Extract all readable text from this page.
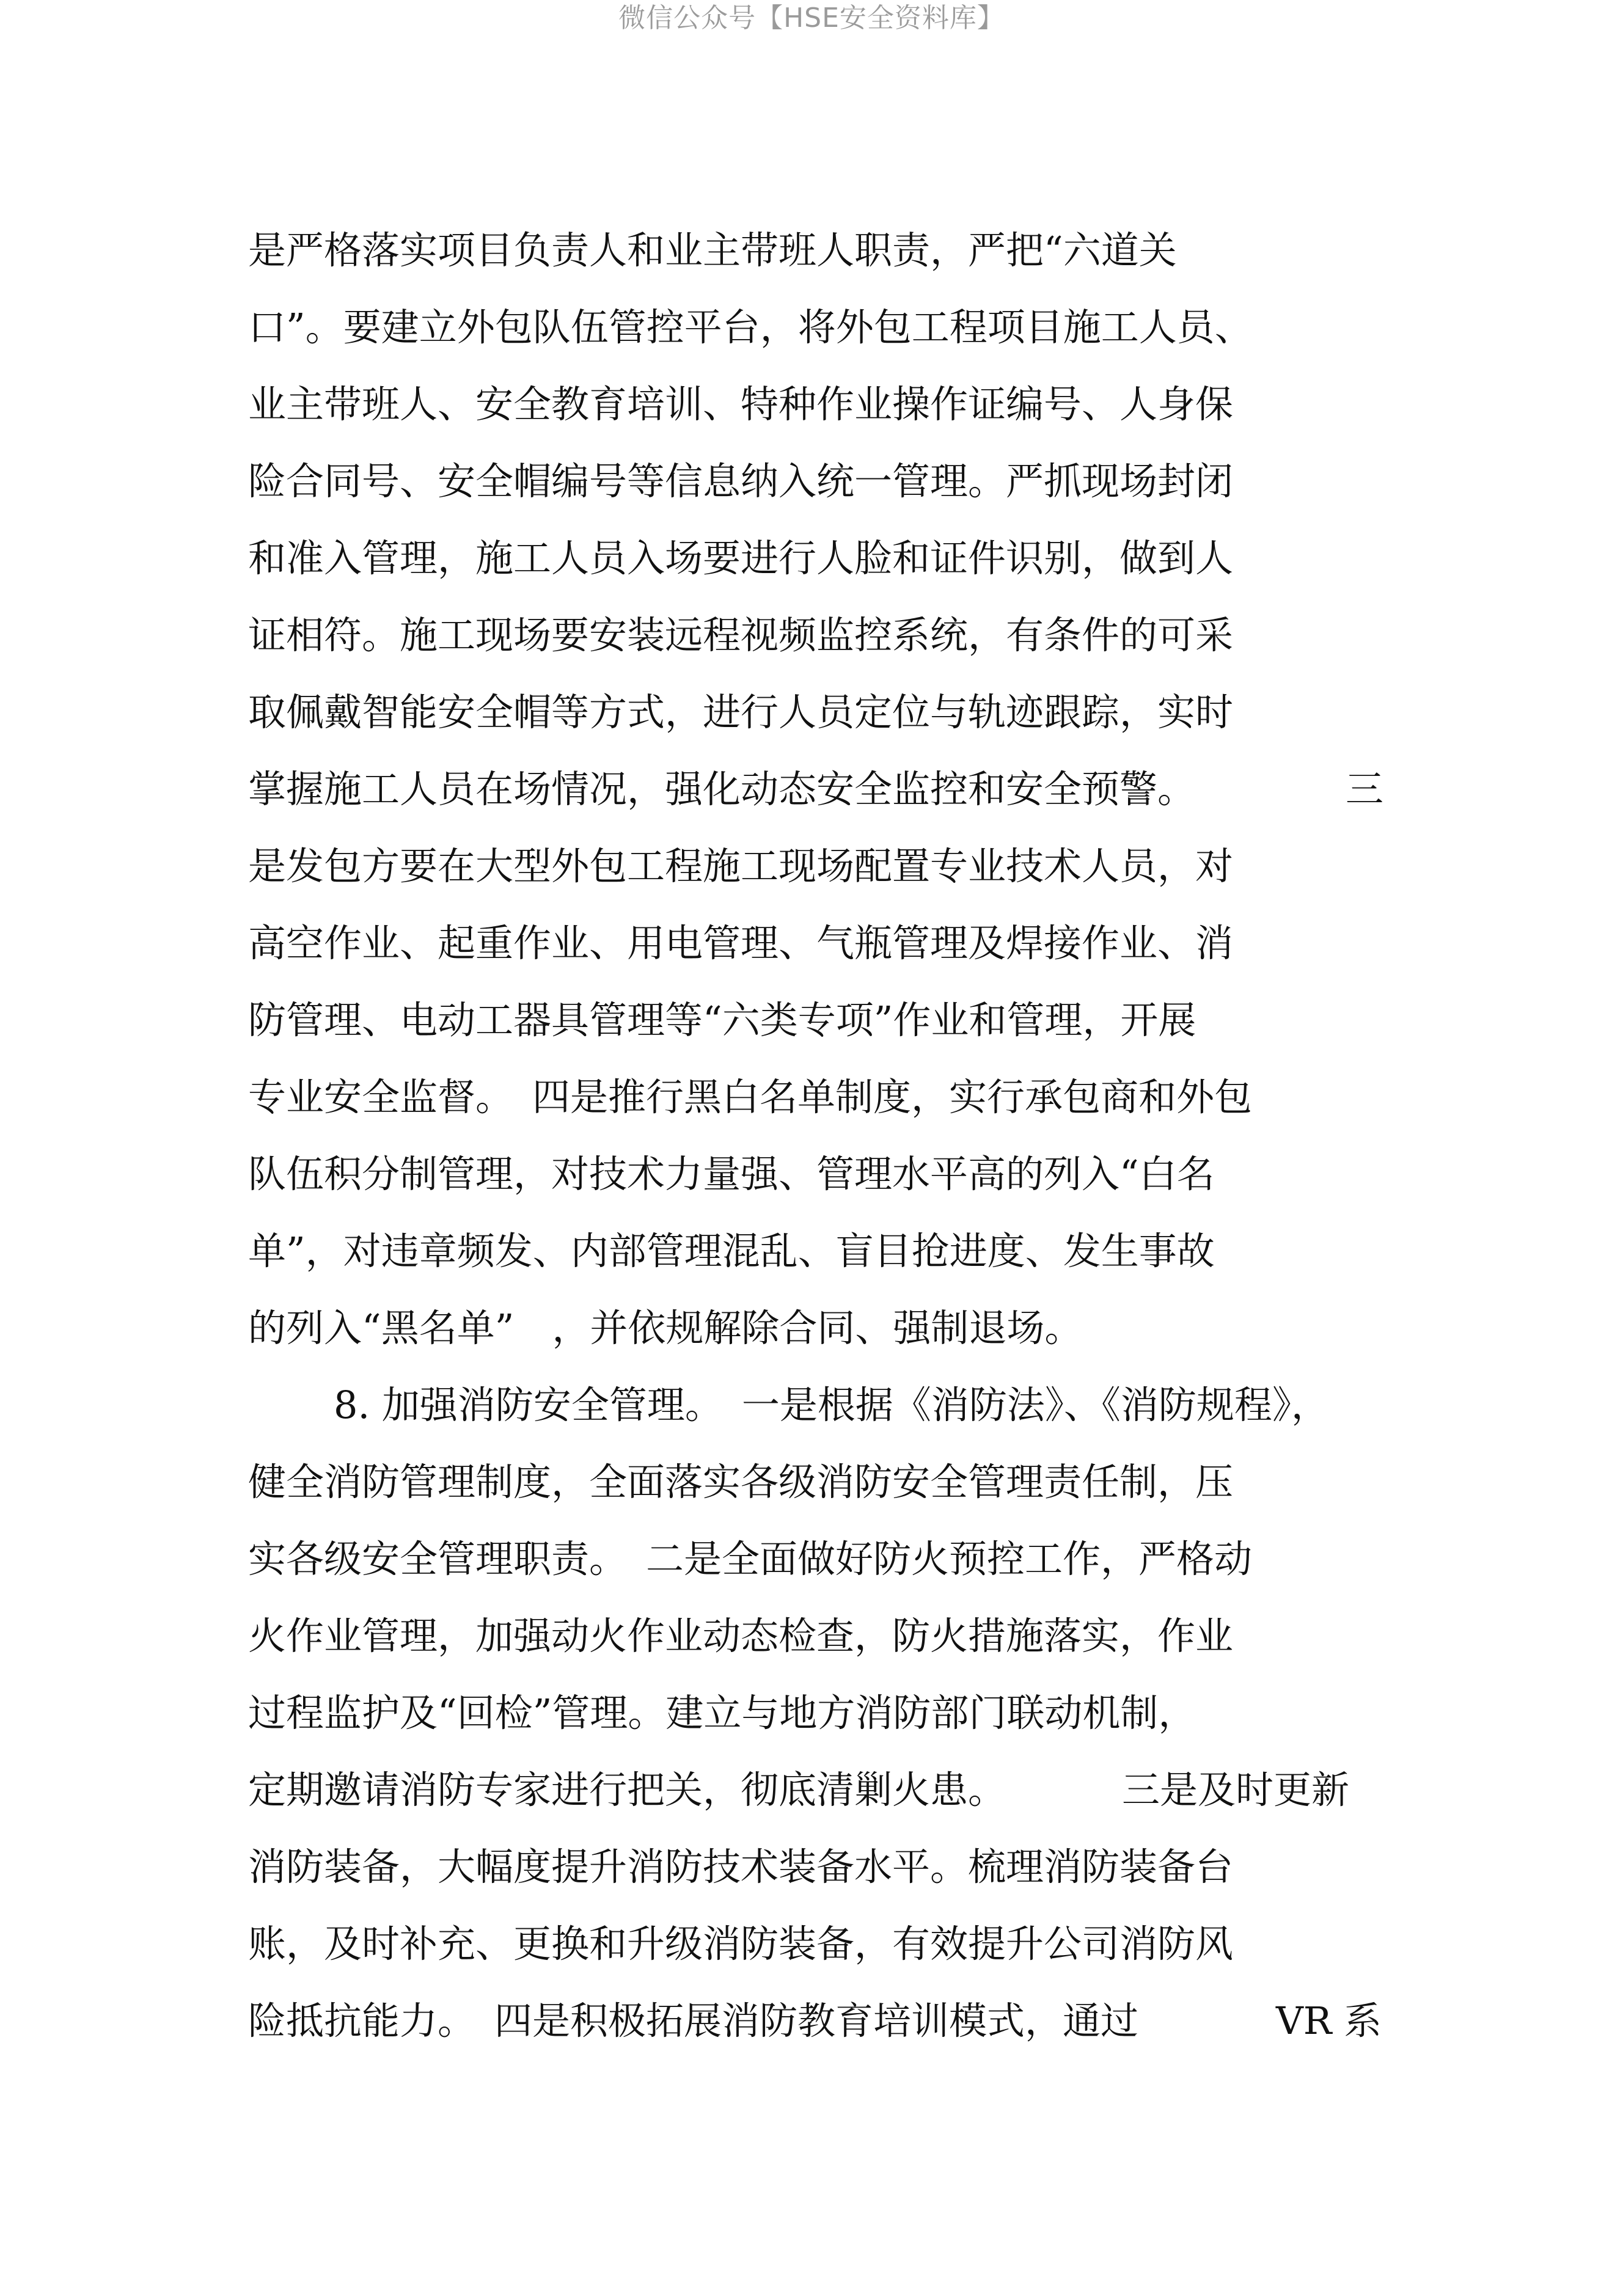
微信公众号【HSE安全资料库】
是严格落实项目负责人和业主带班人职责，严把“六道关
口”。要建立外包队伍管控平台，将外包工程项目施工人员、
业主带班人、安全教育培训、特种作业操作证编号、人身保
险合同号、安全帽编号等信息纳入统一管理。严抓现场封闭
和准入管理，施工人员入场要进行人脸和证件识别，做到人
证相符。施工现场要安装远程视频监控系统，有条件的可采
取佩戴智能安全帽等方式，进行人员定位与轨迹跟踪，实时
掌握施工人员在场情况，强化动态安全监控和安全预警。	三
是发包方要在大型外包工程施工现场配置专业技术人员，对
高空作业、起重作业、用电管理、气瓶管理及焊接作业、消
防管理、电动工器具管理等“六类专项”作业和管理，开展
专业安全监督。　四是推行黑白名单制度，实行承包商和外包
队伍积分制管理，对技术力量强、管理水平高的列入“白名
单”，对违章频发、内部管理混乱、盲目抢进度、发生事故
的列入“黑名单”　，并依规解除合同、强制退场。
8. 加强消防安全管理。　一是根据《消防法》、《消防规程》，
健全消防管理制度，全面落实各级消防安全管理责任制，压
实各级安全管理职责。　二是全面做好防火预控工作，严格动
火作业管理，加强动火作业动态检查，防火措施落实，作业
过程监护及“回检”管理。建立与地方消防部门联动机制，
定期邀请消防专家进行把关，彻底清剿火患。	三是及时更新
消防装备，大幅度提升消防技术装备水平。梳理消防装备台
账，及时补充、更换和升级消防装备，有效提升公司消防风
险抵抗能力。　四是积极拓展消防教育培训模式，通过	VR 系
